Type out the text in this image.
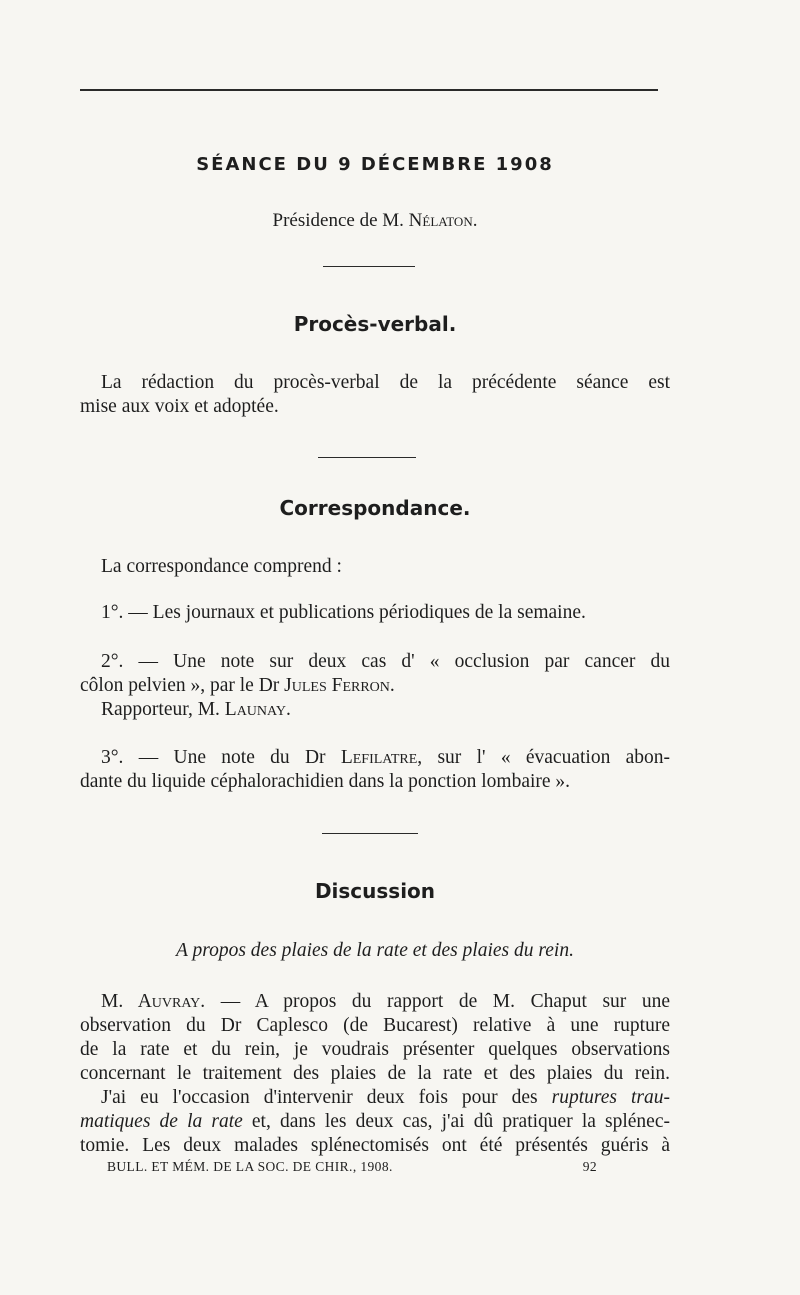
SÉANCE DU 9 DÉCEMBRE 1908
Présidence de M. Nélaton.
Procès-verbal.
La rédaction du procès-verbal de la précédente séance est
mise aux voix et adoptée.
Correspondance.
La correspondance comprend :
1°. — Les journaux et publications périodiques de la semaine.
2°. — Une note sur deux cas d' « occlusion par cancer du
côlon pelvien », par le Dr Jules Ferron.
Rapporteur, M. Launay.
3°. — Une note du Dr Lefilatre, sur l' « évacuation abon-
dante du liquide céphalorachidien dans la ponction lombaire ».
Discussion
A propos des plaies de la rate et des plaies du rein.
M. Auvray. — A propos du rapport de M. Chaput sur une
observation du Dr Caplesco (de Bucarest) relative à une rupture
de la rate et du rein, je voudrais présenter quelques observations
concernant le traitement des plaies de la rate et des plaies du rein.
J'ai eu l'occasion d'intervenir deux fois pour des ruptures trau-
matiques de la rate et, dans les deux cas, j'ai dû pratiquer la splénec-
tomie. Les deux malades splénectomisés ont été présentés guéris à
BULL. ET MÉM. DE LA SOC. DE CHIR., 1908.	92
